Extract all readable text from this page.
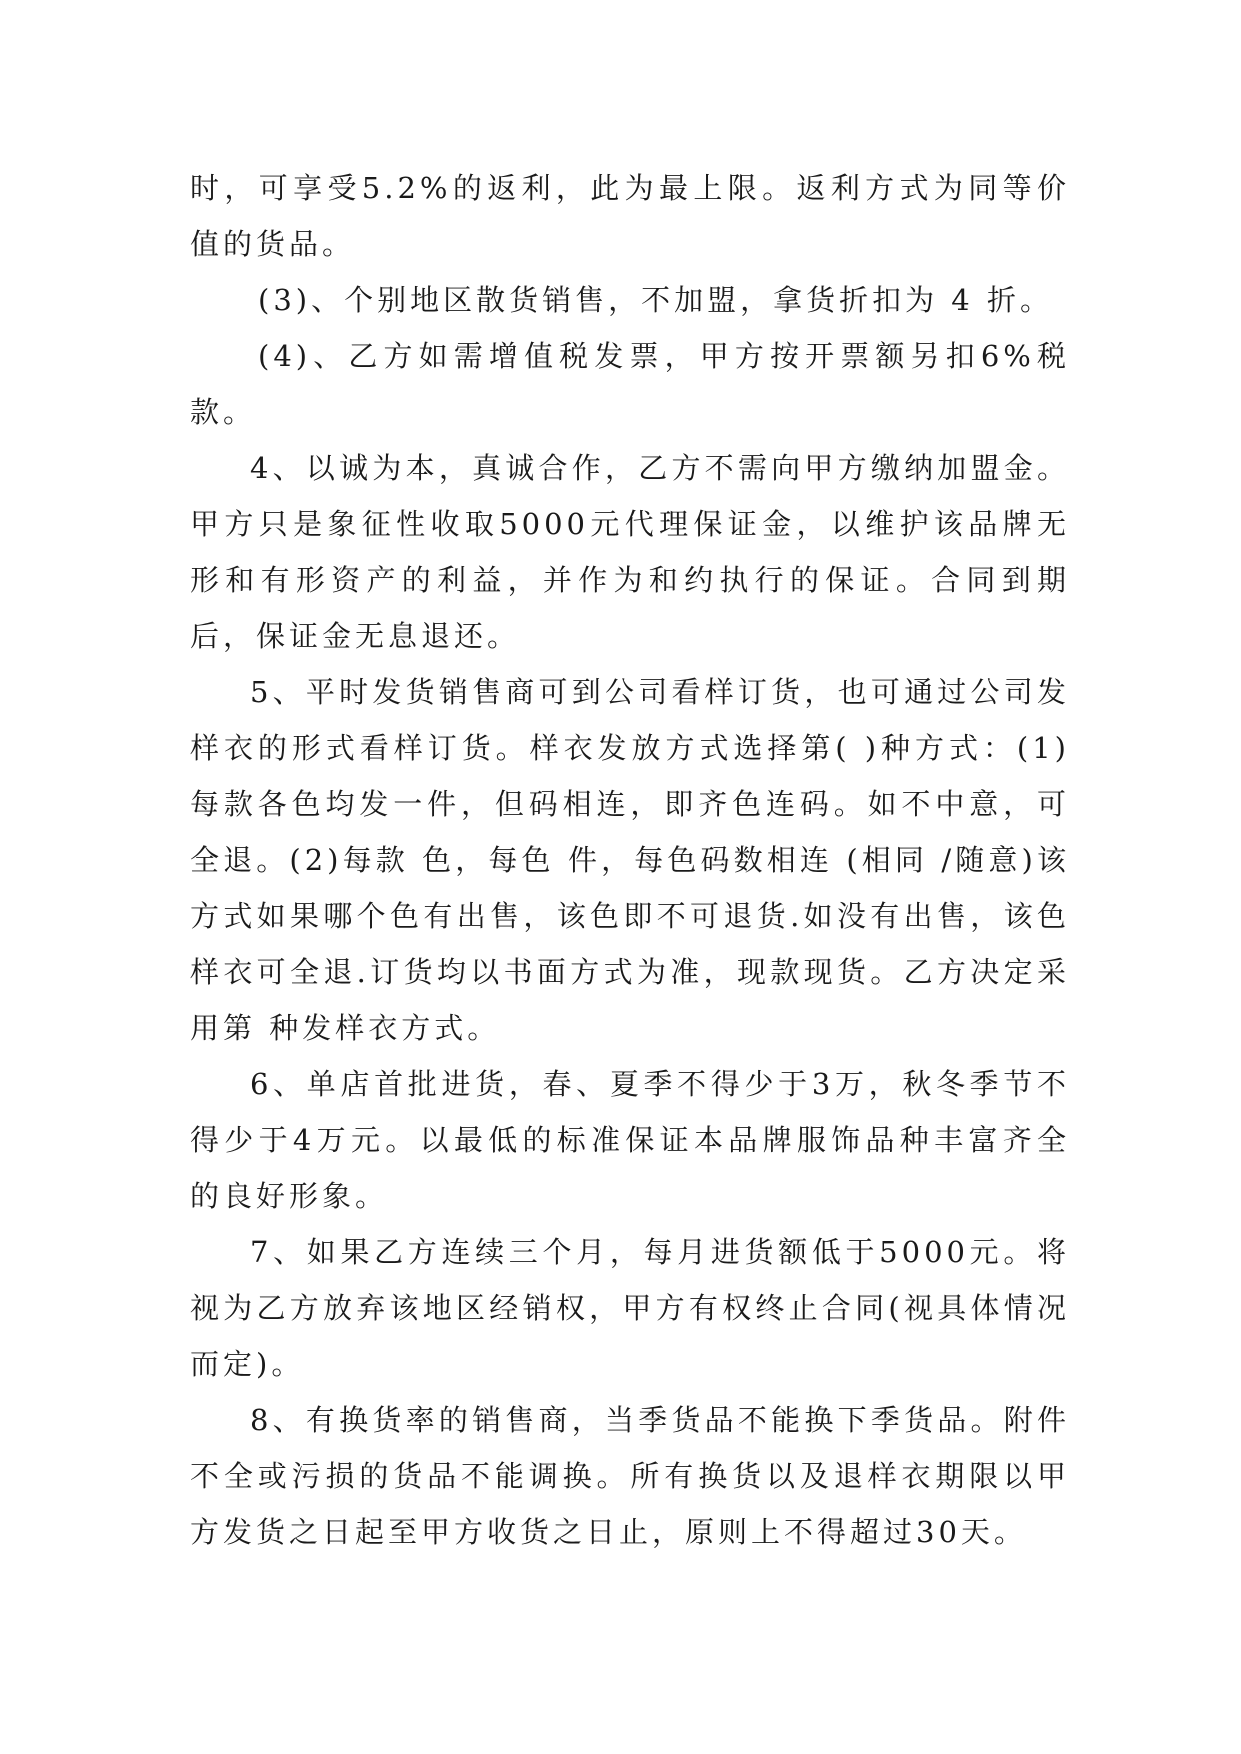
时，可享受5.2%的返利，此为最上限。返利方式为同等价值的货品。

(3)、个别地区散货销售，不加盟，拿货折扣为 4 折。

(4)、乙方如需增值税发票，甲方按开票额另扣6%税款。

4、以诚为本，真诚合作，乙方不需向甲方缴纳加盟金。甲方只是象征性收取5000元代理保证金，以维护该品牌无形和有形资产的利益，并作为和约执行的保证。合同到期后，保证金无息退还。

5、平时发货销售商可到公司看样订货，也可通过公司发样衣的形式看样订货。样衣发放方式选择第( )种方式：(1)每款各色均发一件，但码相连，即齐色连码。如不中意，可全退。(2)每款 色，每色 件，每色码数相连 (相同 /随意)该方式如果哪个色有出售，该色即不可退货.如没有出售，该色样衣可全退.订货均以书面方式为准，现款现货。乙方决定采用第 种发样衣方式。

6、单店首批进货，春、夏季不得少于3万，秋冬季节不得少于4万元。以最低的标准保证本品牌服饰品种丰富齐全的良好形象。

7、如果乙方连续三个月，每月进货额低于5000元。将视为乙方放弃该地区经销权，甲方有权终止合同(视具体情况而定)。

8、有换货率的销售商，当季货品不能换下季货品。附件不全或污损的货品不能调换。所有换货以及退样衣期限以甲方发货之日起至甲方收货之日止，原则上不得超过30天。
